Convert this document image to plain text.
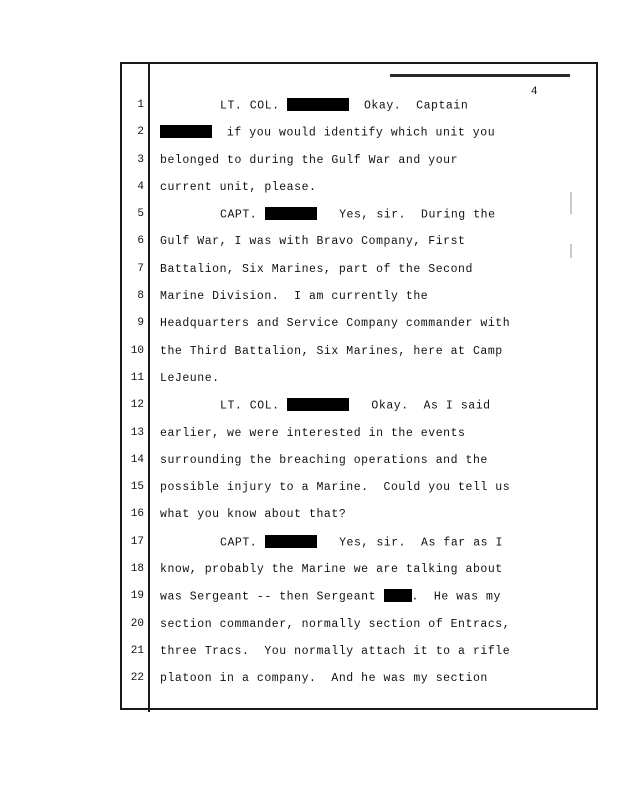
4
1	LT. COL.	Okay.  Captain
2	if you would identify which unit you
3 belonged to during the Gulf War and your
4 current unit, please.
5	CAPT.	Yes, sir.  During the
6 Gulf War, I was with Bravo Company, First
7 Battalion, Six Marines, part of the Second
8 Marine Division.  I am currently the
9 Headquarters and Service Company commander with
10 the Third Battalion, Six Marines, here at Camp
11 LeJeune.
12	LT. COL.	Okay.  As I said
13 earlier, we were interested in the events
14 surrounding the breaching operations and the
15 possible injury to a Marine.  Could you tell us
16 what you know about that?
17	CAPT.	Yes, sir.  As far as I
18 know, probably the Marine we are talking about
19 was Sergeant -- then Sergeant .  He was my
20 section commander, normally section of Entracs,
21 three Tracs.  You normally attach it to a rifle
22 platoon in a company.  And he was my section
